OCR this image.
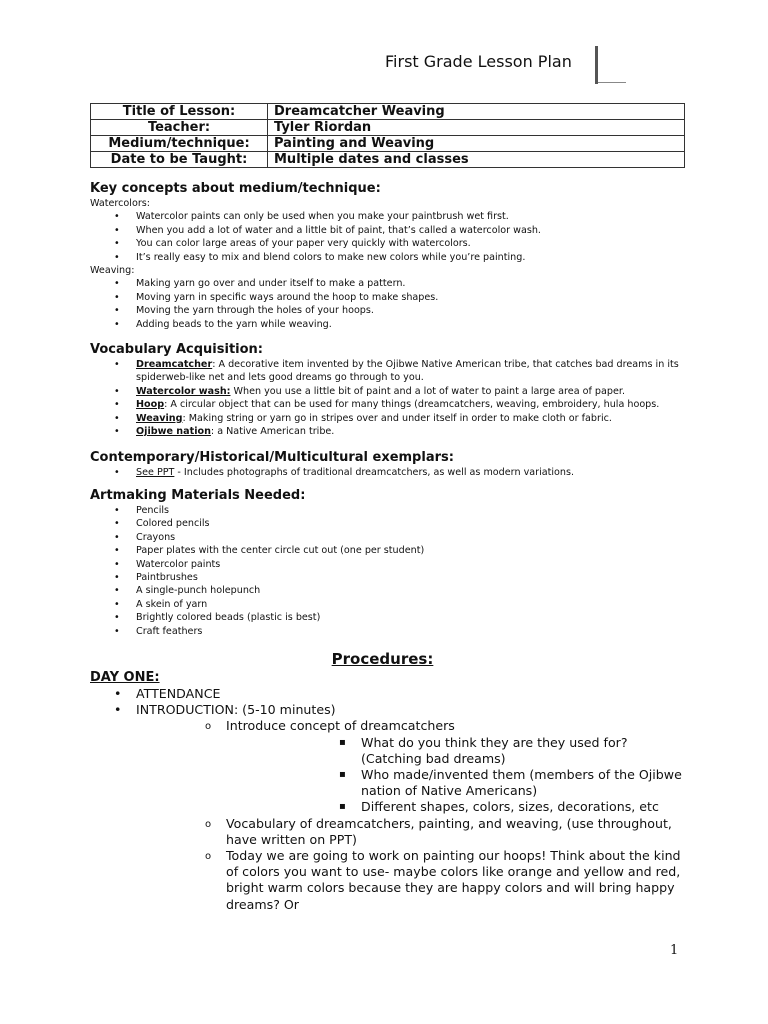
First Grade Lesson Plan
Title of Lesson:	Dreamcatcher Weaving
Teacher:	Tyler Riordan
Medium/technique:	Painting and Weaving
Date to be Taught:	Multiple dates and classes
Key concepts about medium/technique:
Watercolors:
• Watercolor paints can only be used when you make your paintbrush wet first.
• When you add a lot of water and a little bit of paint, that’s called a watercolor wash.
• You can color large areas of your paper very quickly with watercolors.
• It’s really easy to mix and blend colors to make new colors while you’re painting.
Weaving:
• Making yarn go over and under itself to make a pattern.
• Moving yarn in specific ways around the hoop to make shapes.
• Moving the yarn through the holes of your hoops.
• Adding beads to the yarn while weaving.
Vocabulary Acquisition:
• Dreamcatcher: A decorative item invented by the Ojibwe Native American tribe, that catches bad dreams in its spiderweb-like net and lets good dreams go through to you.
• Watercolor wash: When you use a little bit of paint and a lot of water to paint a large area of paper.
• Hoop: A circular object that can be used for many things (dreamcatchers, weaving, embroidery, hula hoops.
• Weaving: Making string or yarn go in stripes over and under itself in order to make cloth or fabric.
• Ojibwe nation: a Native American tribe.
Contemporary/Historical/Multicultural exemplars:
• See PPT - Includes photographs of traditional dreamcatchers, as well as modern variations.
Artmaking Materials Needed:
• Pencils
• Colored pencils
• Crayons
• Paper plates with the center circle cut out (one per student)
• Watercolor paints
• Paintbrushes
• A single-punch holepunch
• A skein of yarn
• Brightly colored beads (plastic is best)
• Craft feathers
Procedures:
DAY ONE:
• ATTENDANCE
• INTRODUCTION: (5-10 minutes)
o Introduce concept of dreamcatchers
▪ What do you think they are they used for? (Catching bad dreams)
▪ Who made/invented them (members of the Ojibwe nation of Native Americans)
▪ Different shapes, colors, sizes, decorations, etc
o Vocabulary of dreamcatchers, painting, and weaving, (use throughout, have written on PPT)
o Today we are going to work on painting our hoops! Think about the kind of colors you want to use- maybe colors like orange and yellow and red, bright warm colors because they are happy colors and will bring happy dreams? Or
1
